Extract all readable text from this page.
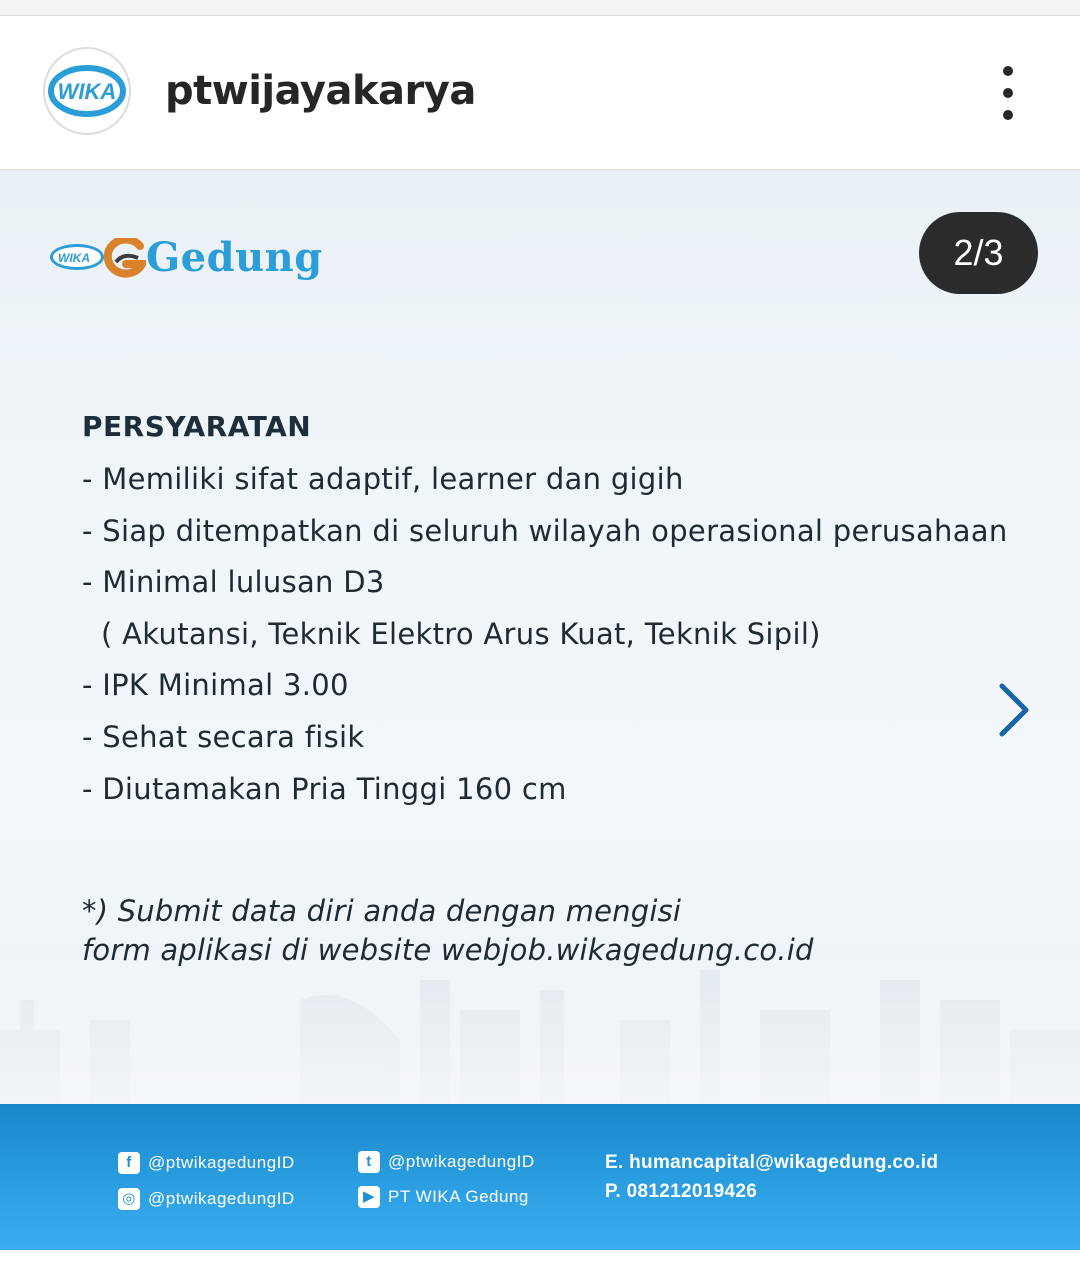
WIKA ptwijayakarya
WIKA Gedung	2/3
PERSYARATAN
- Memiliki sifat adaptif, learner dan gigih
- Siap ditempatkan di seluruh wilayah operasional perusahaan
- Minimal lulusan D3
( Akutansi, Teknik Elektro Arus Kuat, Teknik Sipil)
- IPK Minimal 3.00
- Sehat secara fisik
- Diutamakan Pria Tinggi 160 cm
*) Submit data diri anda dengan mengisi
form aplikasi di website webjob.wikagedung.co.id
f @ptwikagedungID
◎ @ptwikagedungID
t @ptwikagedungID
▶ PT WIKA Gedung
E. humancapital@wikagedung.co.id
P. 081212019426
